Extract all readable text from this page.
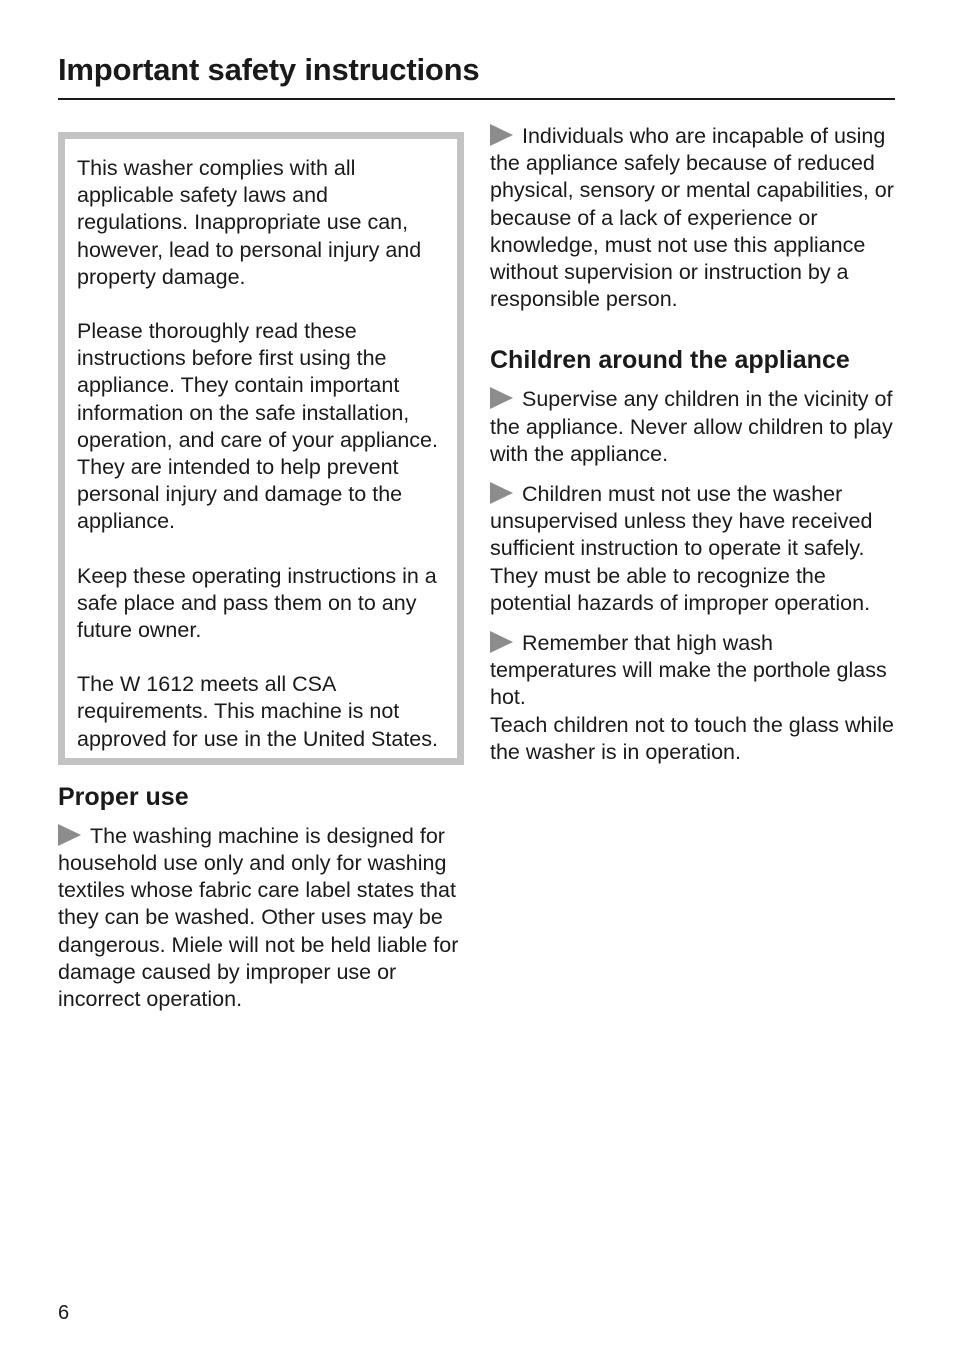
Important safety instructions

This washer complies with all applicable safety laws and regulations. Inappropriate use can, however, lead to personal injury and property damage.

Please thoroughly read these instructions before first using the appliance. They contain important information on the safe installation, operation, and care of your appliance. They are intended to help prevent personal injury and damage to the appliance.

Keep these operating instructions in a safe place and pass them on to any future owner.

The W 1612 meets all CSA requirements. This machine is not approved for use in the United States.

Proper use

The washing machine is designed for household use only and only for washing textiles whose fabric care label states that they can be washed. Other uses may be dangerous. Miele will not be held liable for damage caused by improper use or incorrect operation.

Individuals who are incapable of using the appliance safely because of reduced physical, sensory or mental capabilities, or because of a lack of experience or knowledge, must not use this appliance without supervision or instruction by a responsible person.

Children around the appliance

Supervise any children in the vicinity of the appliance. Never allow children to play with the appliance.

Children must not use the washer unsupervised unless they have received sufficient instruction to operate it safely. They must be able to recognize the potential hazards of improper operation.

Remember that high wash temperatures will make the porthole glass hot.

Teach children not to touch the glass while the washer is in operation.

6
